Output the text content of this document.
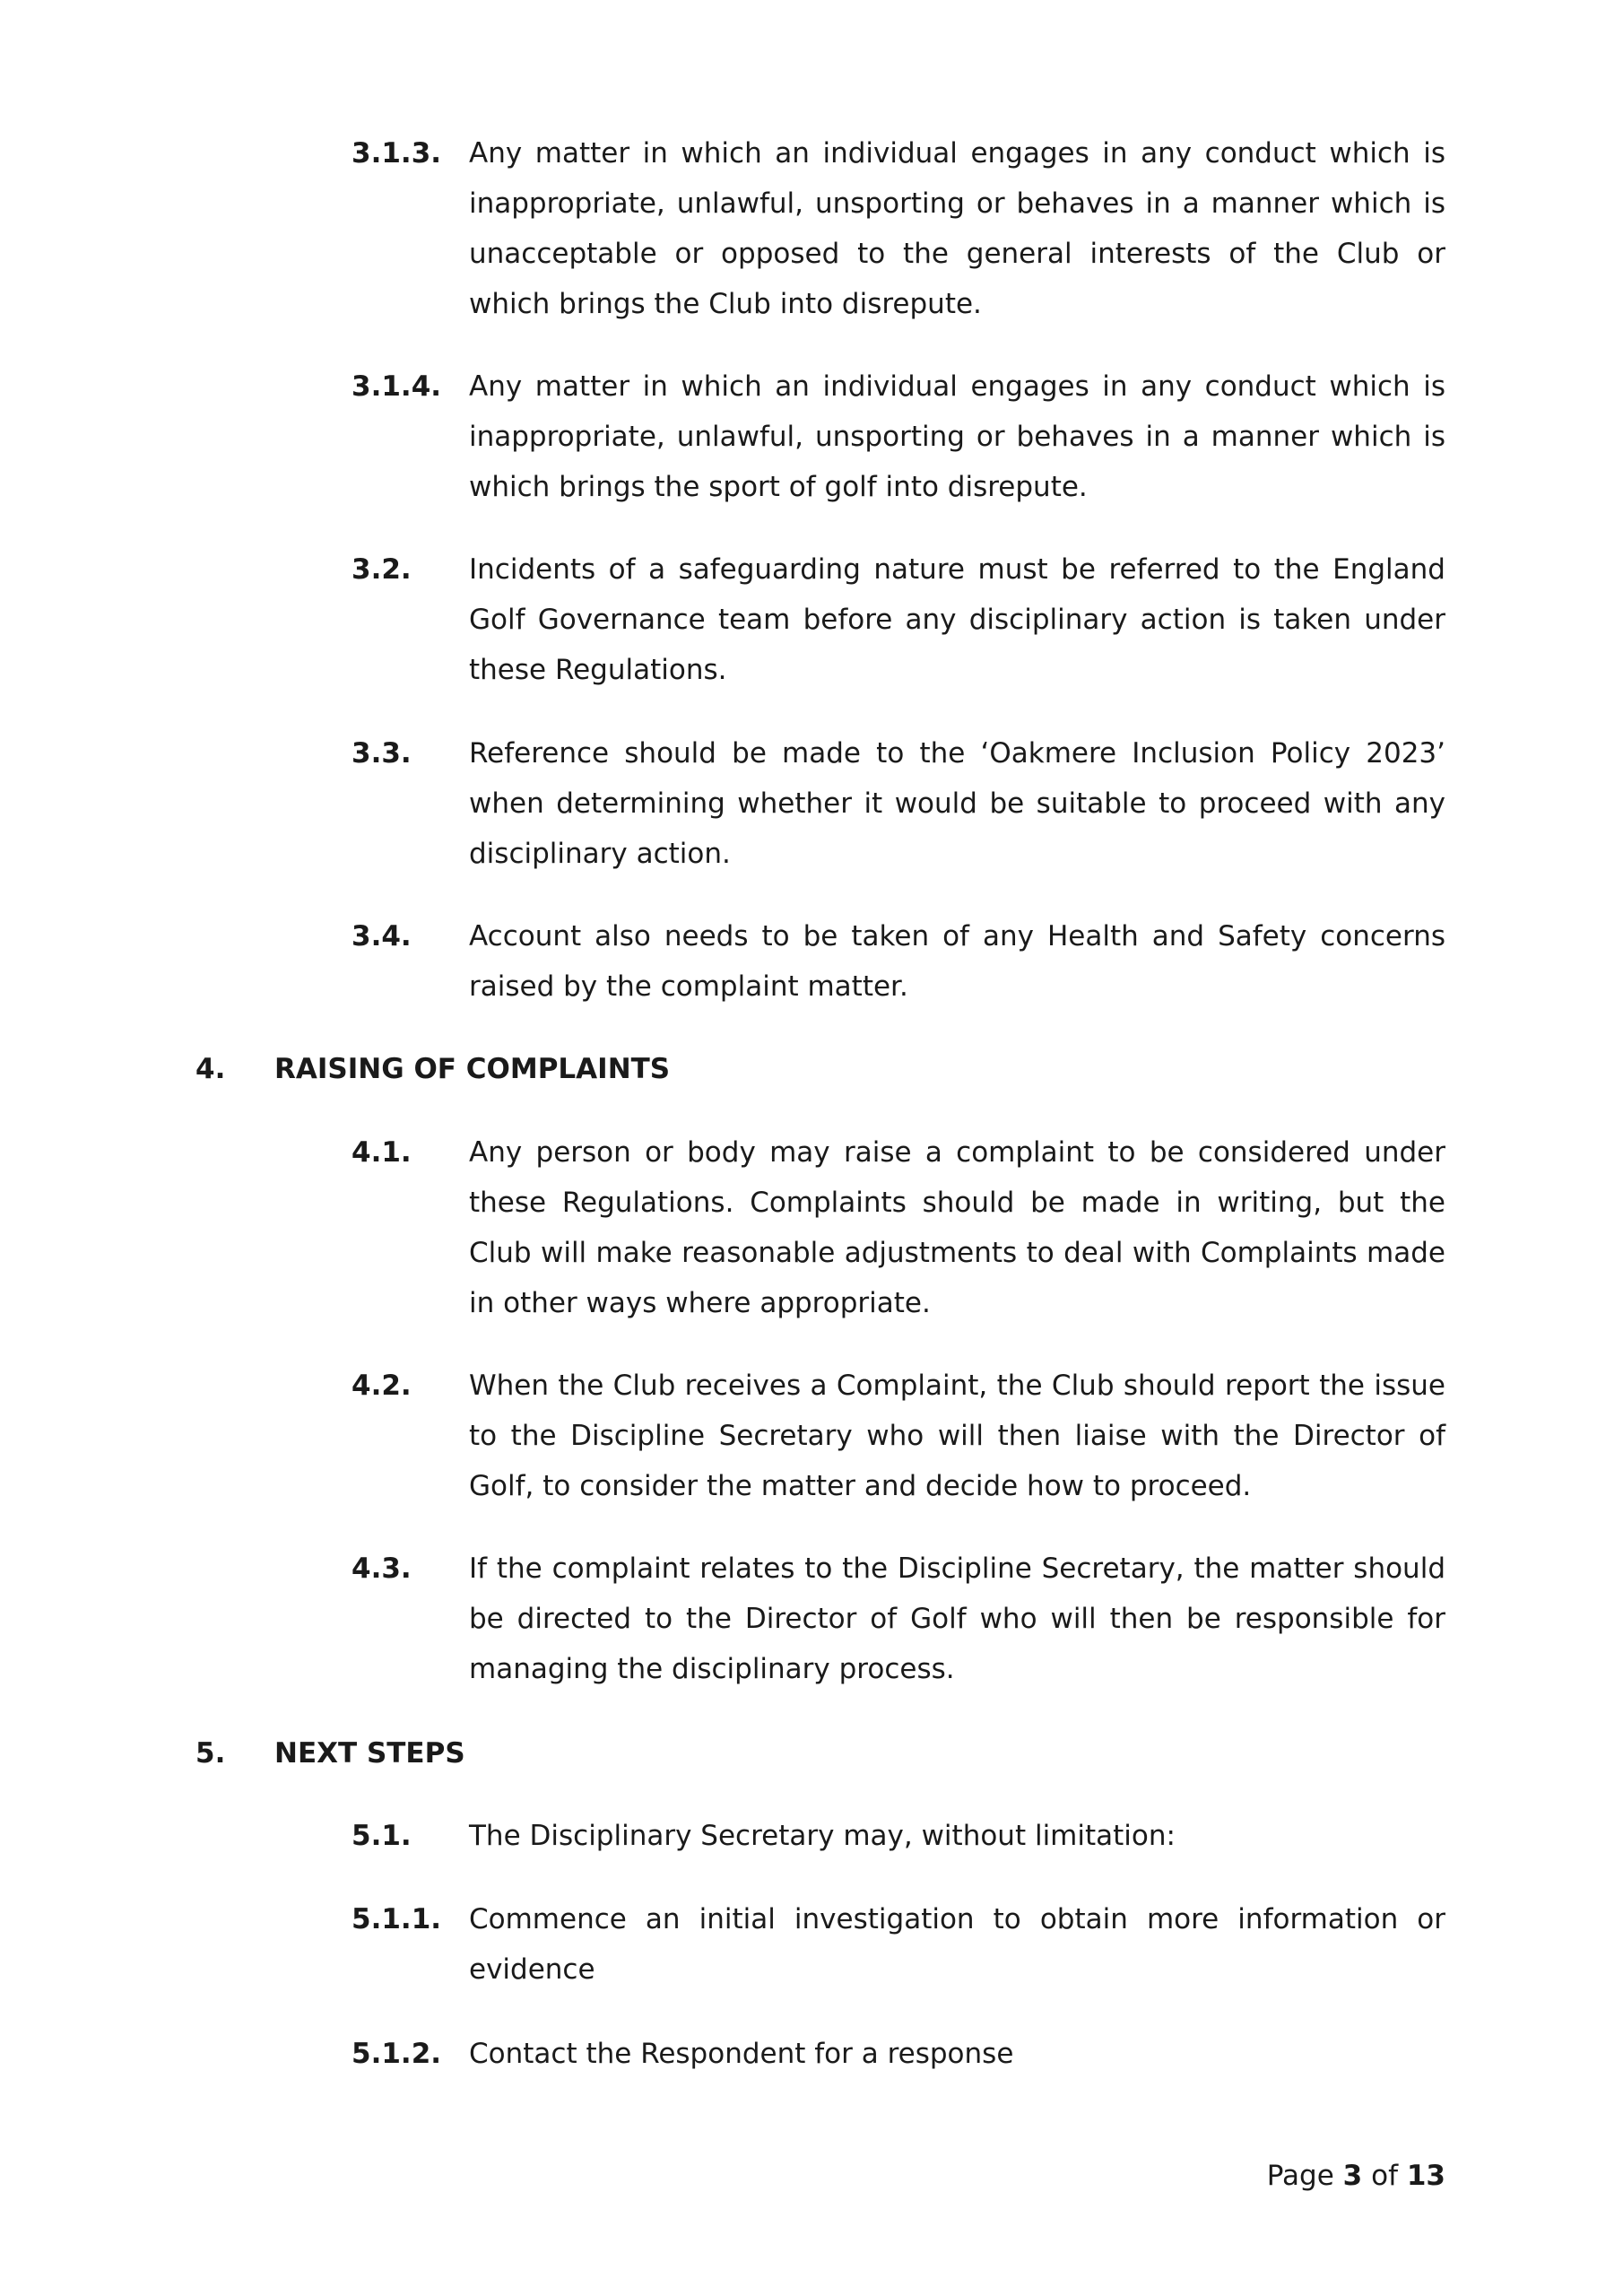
3.1.3. Any matter in which an individual engages in any conduct which is inappropriate, unlawful, unsporting or behaves in a manner which is unacceptable or opposed to the general interests of the Club or which brings the Club into disrepute.
3.1.4. Any matter in which an individual engages in any conduct which is inappropriate, unlawful, unsporting or behaves in a manner which is which brings the sport of golf into disrepute.
3.2.	Incidents of a safeguarding nature must be referred to the England Golf Governance team before any disciplinary action is taken under these Regulations.
3.3.	Reference should be made to the ‘Oakmere Inclusion Policy 2023’ when determining whether it would be suitable to proceed with any disciplinary action.
3.4.	Account also needs to be taken of any Health and Safety concerns raised by the complaint matter.
4. RAISING OF COMPLAINTS
4.1.	Any person or body may raise a complaint to be considered under these Regulations. Complaints should be made in writing, but the Club will make reasonable adjustments to deal with Complaints made in other ways where appropriate.
4.2.	When the Club receives a Complaint, the Club should report the issue to the Discipline Secretary who will then liaise with the Director of Golf, to consider the matter and decide how to proceed.
4.3.	If the complaint relates to the Discipline Secretary, the matter should be directed to the Director of Golf who will then be responsible for managing the disciplinary process.
5. NEXT STEPS
5.1.	The Disciplinary Secretary may, without limitation:
5.1.1. Commence an initial investigation to obtain more information or evidence
5.1.2. Contact the Respondent for a response
Page 3 of 13
